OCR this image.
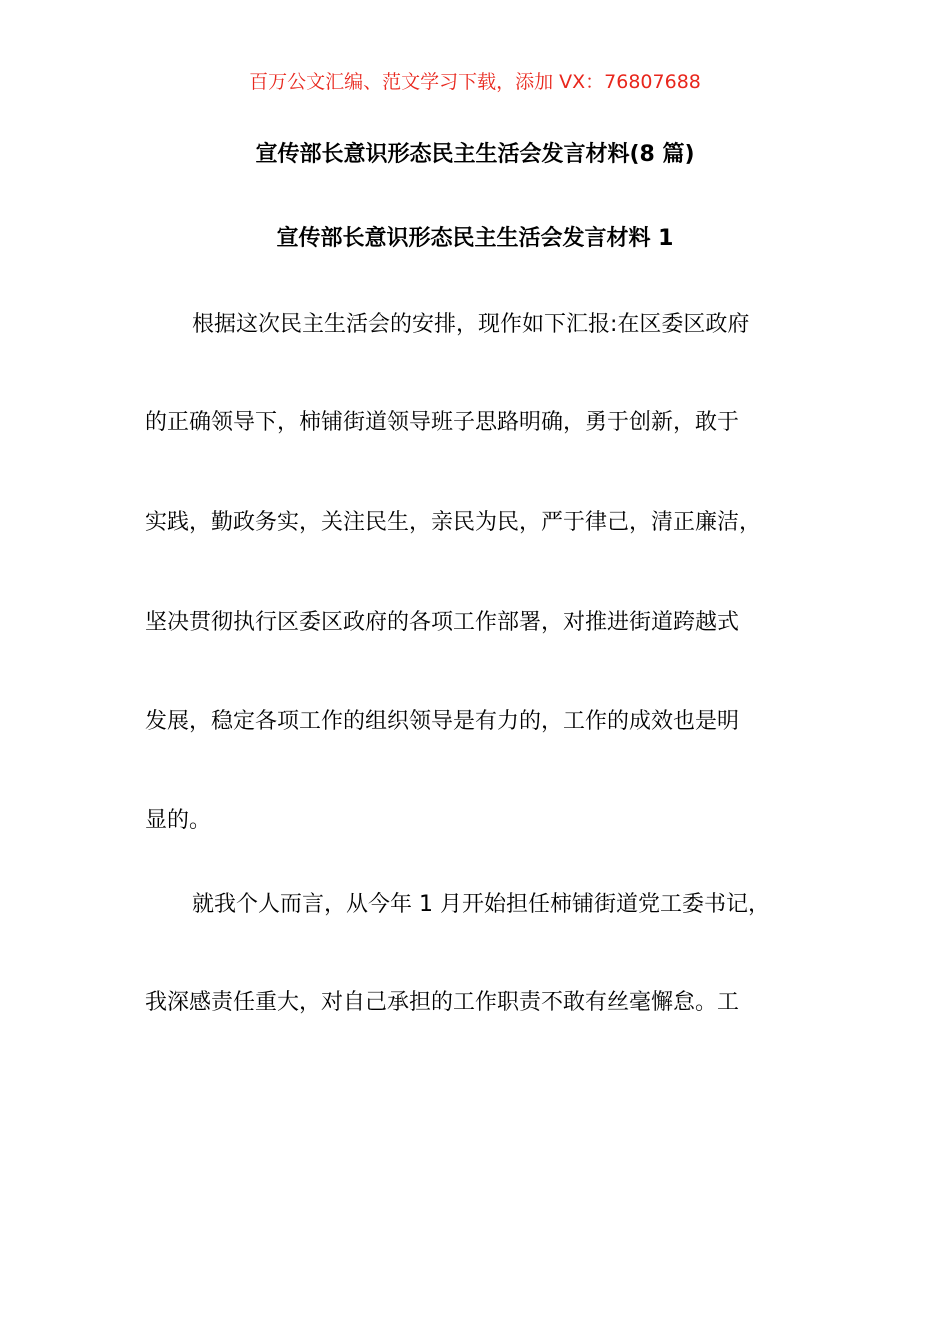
百万公文汇编、范文学习下载，添加 VX：76807688
宣传部长意识形态民主生活会发言材料(8 篇)
宣传部长意识形态民主生活会发言材料 1
根据这次民主生活会的安排，现作如下汇报:在区委区政府
的正确领导下，柿铺街道领导班子思路明确，勇于创新，敢于
实践，勤政务实，关注民生，亲民为民，严于律己，清正廉洁，
坚决贯彻执行区委区政府的各项工作部署，对推进街道跨越式
发展，稳定各项工作的组织领导是有力的，工作的成效也是明
显的。
就我个人而言，从今年 1 月开始担任柿铺街道党工委书记，
我深感责任重大，对自己承担的工作职责不敢有丝毫懈怠。工
